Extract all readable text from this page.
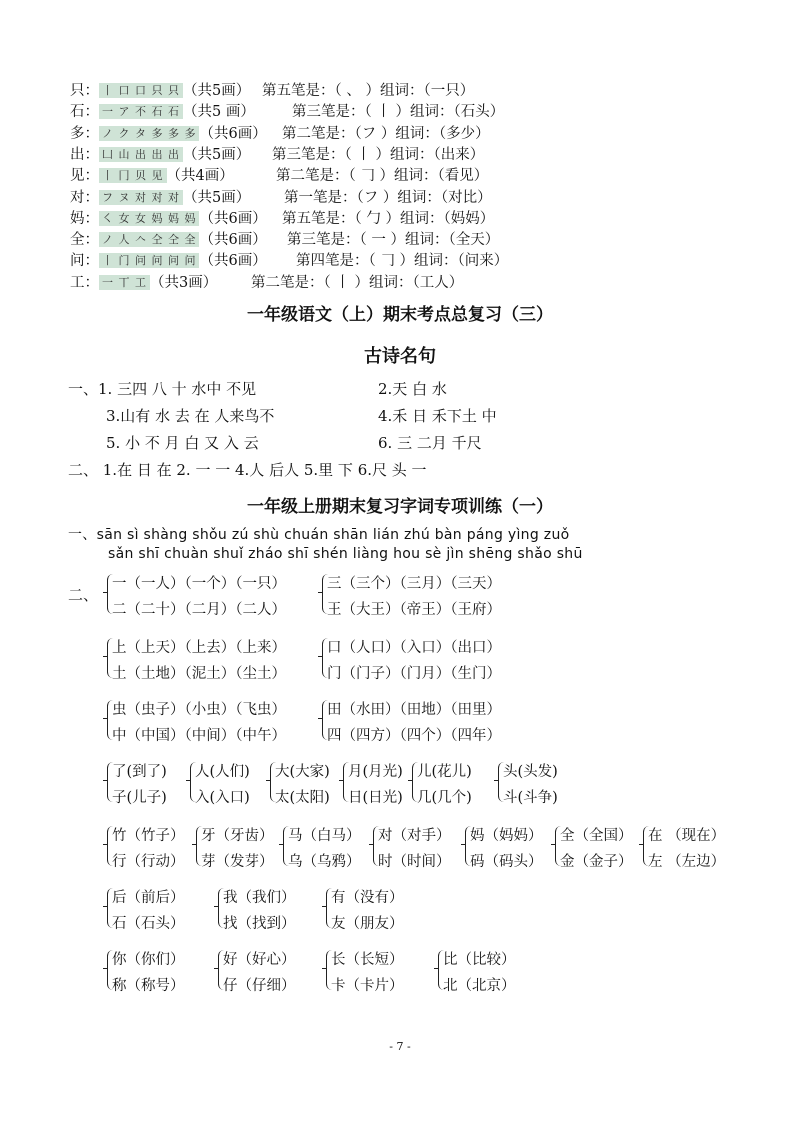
只： 丨 ⼝ 口 只 只 （共5画） 第五笔是：（ 、 ）组词：（一只）
石： 一 ア 不 石 石 （共5 画）	第三笔是：（ 丨 ）组词：（石头）
多： ノ ク タ 多 多 多 （共6画） 第二笔是：（フ ）组词：（多少）
出： 凵 山 出 出 出 （共5画） 第三笔是：（ 丨 ）组词：（出来）
见： 丨 冂 贝 见 （共4画）	第二笔是：（ 𠃌 ）组词：（看见）
对： フ ヌ 对 对 对 （共5画） 第一笔是：（フ ）组词：（对比）
妈： ㇛ 女 女 妈 妈 妈 （共6画） 第五笔是：（ 勹 ）组词：（妈妈）
全： ノ 人 𠆢 仝 仝 全 （共6画） 第三笔是：（ 一 ）组词：（全天）
问： 丨 门 问 问 问 问 （共6画） 第四笔是：（ 𠃌 ）组词：（问来）
工： 一 丅 工 （共3画） 第二笔是：（ 丨 ）组词：（工人）
一年级语文（上）期末考点总复习（三）
古诗名句
一、1. 三四 八 十 水中 不见	2.天 白 水
3.山有 水 去 在 人来鸟不	4.禾 日 禾下土 中
5. 小 不 月 白 又 入 云	6. 三 二月 千尺
二、 1.在 日 在 2. 一 一 4.人 后人 5.里 下 6.尺 头 一
一年级上册期末复习字词专项训练（一）
一、sān sì shàng shǒu zú shù chuán shān lián zhú bàn páng yìng zuǒ
sǎn shī chuàn shuǐ zháo shī shén liàng hou sè jìn shēng shǎo shū
二、
一（一人）（一个）（一只）
二（二十）（二月）（二人）
三（三个）（三月）（三天）
王（大王）（帝王）（王府）
上（上天）（上去）（上来）
土（土地）（泥土）（尘土）
口（人口）（入口）（出口）
门（门子）（门月）（生门）
虫（虫子）（小虫）（飞虫）
中（中国）（中间）（中午）
田（水田）（田地）（田里）
四（四方）（四个）（四年）
了(到了)
子(儿子)
人(人们)
入(入口)
大(大家)
太(太阳)
月(月光)
日(日光)
儿(花儿)
几(几个)
头(头发)
斗(斗争)
竹（竹子）
行（行动）
牙（牙齿）
芽（发芽）
马（白马）
乌（乌鸦）
对（对手）
时（时间）
妈（妈妈）
码（码头）
全（全国）
金（金子）
在 （现在）
左 （左边）
后（前后）
石（石头）
我（我们）
找（找到）
有（没有）
友（朋友）
你（你们）
称（称号）
好（好心）
仔（仔细）
长（长短）
卡（卡片）
比（比较）
北（北京）
- 7 -
